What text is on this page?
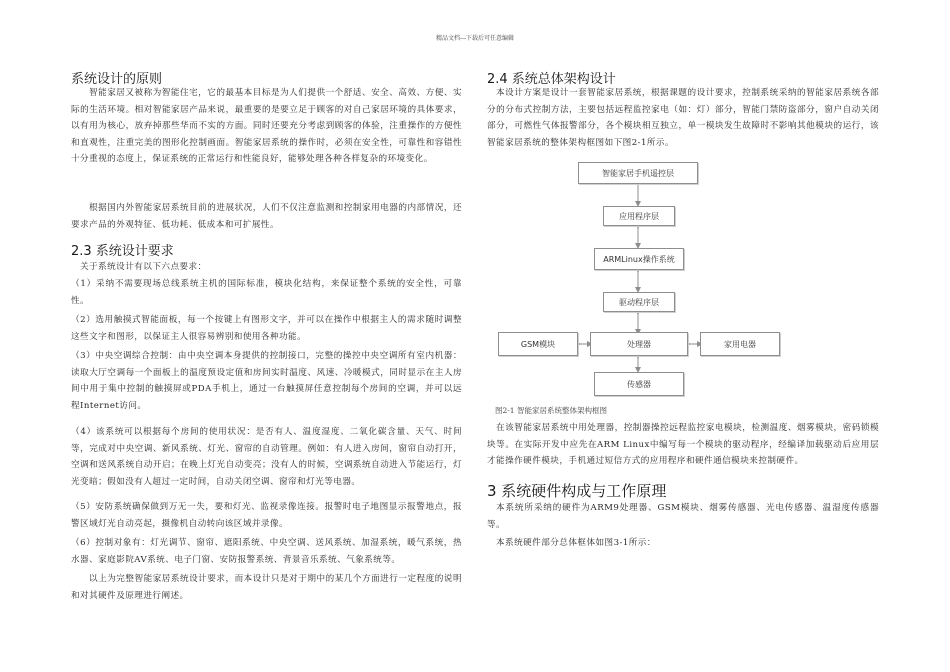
精品文档---下载后可任意编辑
系统设计的原则

智能家居又被称为智能住宅，它的最基本目标是为人们提供一个舒适、安全、高效、方便、实际的生活环境。相对智能家居产品来说，最重要的是要立足于顾客的对自己家居环境的具体要求，以有用为核心，放弃掉那些华而不实的方面。同时还要充分考虑到顾客的体验，注重操作的方便性和直观性，注重完美的图形化控制画面。智能家居系统的操作时，必须在安全性，可靠性和容错性十分重视的态度上，保证系统的正常运行和性能良好，能够处理各种各样复杂的环境变化。

根据国内外智能家居系统目前的进展状况，人们不仅注意监测和控制家用电器的内部情况，还要求产品的外观特征、低功耗、低成本和可扩展性。

2.3 系统设计要求

关于系统设计有以下六点要求：

（1）采纳不需要现场总线系统主机的国际标准，模块化结构，来保证整个系统的安全性，可靠性。

（2）选用触摸式智能面板，每一个按键上有图形文字，并可以在操作中根据主人的需求随时调整这些文字和图形，以保证主人很容易辨别和使用各种功能。

（3）中央空调综合控制：由中央空调本身提供的控制接口，完整的操控中央空调所有室内机器：读取大厅空调每一个面板上的温度预设定值和房间实时温度、风速、冷暖模式，同时显示在主人房间中用于集中控制的触摸屏或PDA手机上，通过一台触摸屏任意控制每个房间的空调，并可以远程Internet访问。

（4）该系统可以根据每个房间的使用状况：是否有人、温度湿度、二氧化碳含量、天气、时间等，完成对中央空调、新风系统、灯光、窗帘的自动管理。例如：有人进入房间，窗帘自动打开，空调和送风系统自动开启；在晚上灯光自动变亮；没有人的时候，空调系统自动进入节能运行，灯光变暗；假如没有人超过一定时间，自动关闭空调、窗帘和灯光等电器。

（5）安防系统确保做到万无一失，要和灯光、监视录像连接。报警时电子地图显示报警地点，报警区域灯光自动亮起，摄像机自动转向该区域并录像。

（6）控制对象有：灯光调节、窗帘、遮阳系统、中央空调、送风系统、加湿系统，暖气系统，热水器、家庭影院AV系统、电子门窗、安防报警系统、背景音乐系统、气象系统等。

以上为完整智能家居系统设计要求，而本设计只是对于期中的某几个方面进行一定程度的说明和对其硬件及原理进行阐述。

2.4 系统总体架构设计

本设计方案是设计一套智能家居系统，根据课题的设计要求，控制系统采纳的智能家居系统各部分的分布式控制方法，主要包括远程监控家电（如：灯）部分，智能门禁防盗部分，窗户自动关闭部分，可燃性气体报警部分，各个模块相互独立，单一模块发生故障时不影响其他模块的运行，该智能家居系统的整体架构框图如下图2-1所示。

在该智能家居系统中用处理器，控制器操控远程监控家电模块，检测温度、烟雾模块，密码锁模块等。在实际开发中应先在ARM Linux中编写每一个模块的驱动程序，经编译加载驱动后应用层才能操作硬件模块，手机通过短信方式的应用程序和硬件通信模块来控制硬件。

3 系统硬件构成与工作原理

本系统所采纳的硬件为ARM9处理器、GSM模块、烟雾传感器、光电传感器、温湿度传感器等。

本系统硬件部分总体框体如图3-1所示：

智能家居手机遥控层
应用程序层
ARMLinux操作系统
驱动程序层
处理器
GSM模块	家用电器
传感器
图2-1 智能家居系统整体架构框图
